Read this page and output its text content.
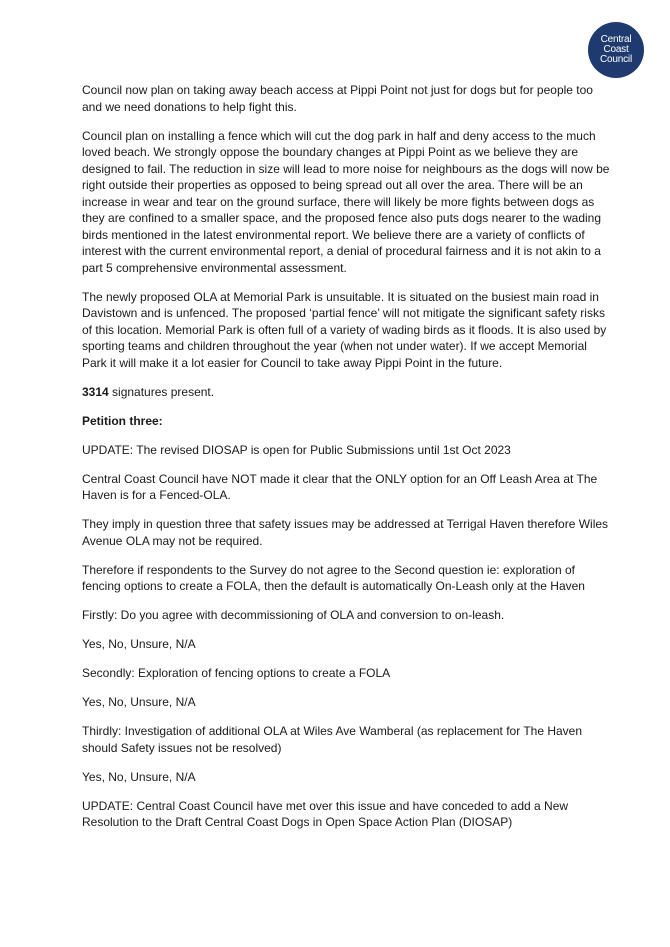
Central
Coast
Council

Council now plan on taking away beach access at Pippi Point not just for dogs but for people too and we need donations to help fight this.

Council plan on installing a fence which will cut the dog park in half and deny access to the much loved beach. We strongly oppose the boundary changes at Pippi Point as we believe they are designed to fail. The reduction in size will lead to more noise for neighbours as the dogs will now be right outside their properties as opposed to being spread out all over the area. There will be an increase in wear and tear on the ground surface, there will likely be more fights between dogs as they are confined to a smaller space, and the proposed fence also puts dogs nearer to the wading birds mentioned in the latest environmental report. We believe there are a variety of conflicts of interest with the current environmental report, a denial of procedural fairness and it is not akin to a part 5 comprehensive environmental assessment.

The newly proposed OLA at Memorial Park is unsuitable. It is situated on the busiest main road in Davistown and is unfenced. The proposed ‘partial fence’ will not mitigate the significant safety risks of this location. Memorial Park is often full of a variety of wading birds as it floods. It is also used by sporting teams and children throughout the year (when not under water). If we accept Memorial Park it will make it a lot easier for Council to take away Pippi Point in the future.

3314 signatures present.

Petition three:

UPDATE: The revised DIOSAP is open for Public Submissions until 1st Oct 2023

Central Coast Council have NOT made it clear that the ONLY option for an Off Leash Area at The Haven is for a Fenced-OLA.

They imply in question three that safety issues may be addressed at Terrigal Haven therefore Wiles Avenue OLA may not be required.

Therefore if respondents to the Survey do not agree to the Second question ie: exploration of fencing options to create a FOLA, then the default is automatically On-Leash only at the Haven

Firstly: Do you agree with decommissioning of OLA and conversion to on-leash.

Yes, No, Unsure, N/A

Secondly: Exploration of fencing options to create a FOLA

Yes, No, Unsure, N/A

Thirdly: Investigation of additional OLA at Wiles Ave Wamberal (as replacement for The Haven should Safety issues not be resolved)

Yes, No, Unsure, N/A

UPDATE: Central Coast Council have met over this issue and have conceded to add a New Resolution to the Draft Central Coast Dogs in Open Space Action Plan (DIOSAP)
